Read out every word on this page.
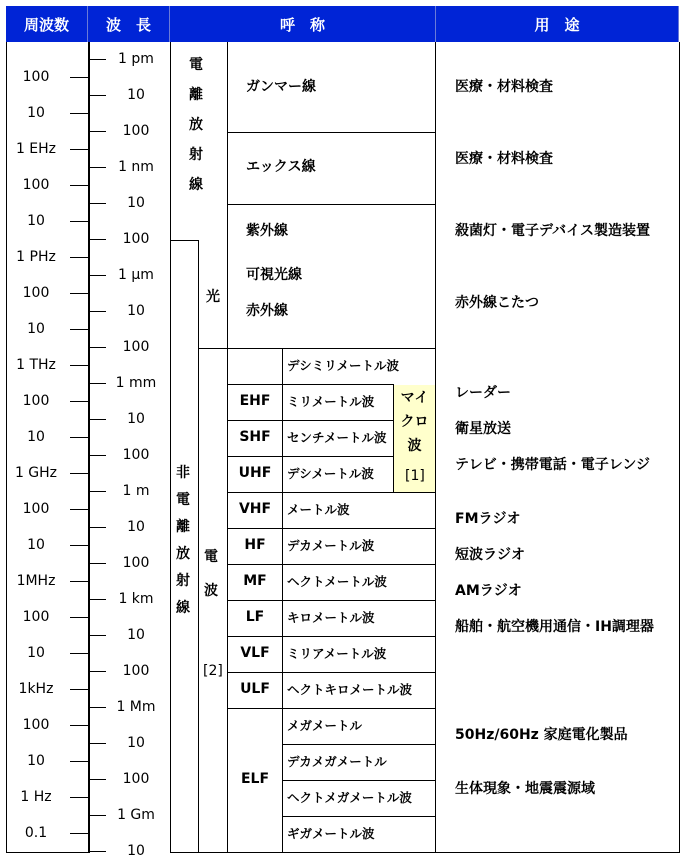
周波数 波　長	呼　称	用　途
100
10
1 EHz
100
10
1 PHz
100
10
1 THz
100
10
1 GHz
100
10
1MHz
100
10
1kHz
100
10
1 Hz
0.1
1 pm
10
100
1 nm
10
100
1 μm
10
100
1 mm
10
100
1 m
10
100
1 km
10
100
1 Mm
10
100
1 Gm
10
マイクロ波
[1]
電離放射線
非電離放射線
光
電波
[2]
ガンマー線
エックス線
紫外線
可視光線
赤外線
デシミリメートル波
ミリメートル波
センチメートル波
デシメートル波
メートル波
デカメートル波
ヘクトメートル波
キロメートル波
ミリアメートル波
ヘクトキロメートル波
メガメートル
デカメガメートル
ヘクトメガメートル波
ギガメートル波
EHF
SHF
UHF
VHF
HF
MF
LF
VLF
ULF
ELF
医療・材料検査
医療・材料検査
殺菌灯・電子デバイス製造装置
赤外線こたつ
レーダー
衛星放送
テレビ・携帯電話・電子レンジ
FMラジオ
短波ラジオ
AMラジオ
船舶・航空機用通信・IH調理器
50Hz/60Hz 家庭電化製品
生体現象・地震震源域
